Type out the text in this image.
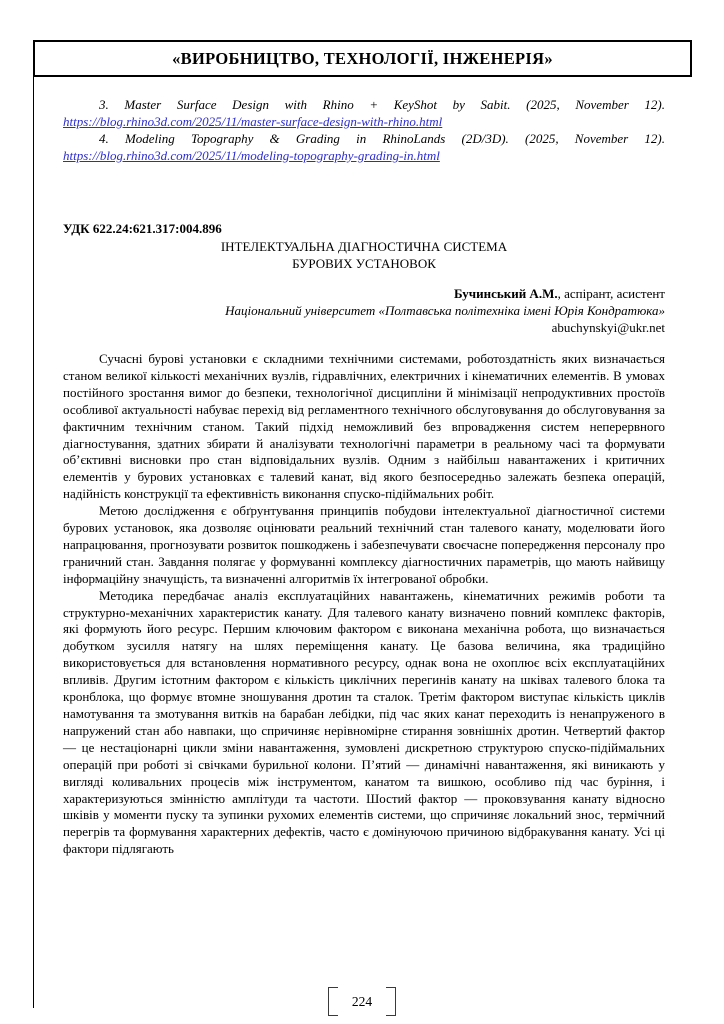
«ВИРОБНИЦТВО, ТЕХНОЛОГІЇ, ІНЖЕНЕРІЯ»
3. Master Surface Design with Rhino + KeyShot by Sabit. (2025, November 12).
https://blog.rhino3d.com/2025/11/master-surface-design-with-rhino.html
4. Modeling Topography & Grading in RhinoLands (2D/3D). (2025, November 12).
https://blog.rhino3d.com/2025/11/modeling-topography-grading-in.html
УДК 622.24:621.317:004.896
ІНТЕЛЕКТУАЛЬНА ДІАГНОСТИЧНА СИСТЕМА
БУРОВИХ УСТАНОВОК
Бучинський А.М., аспірант, асистент
Національний університет «Полтавська політехніка імені Юрія Кондратюка»
abuchynskyi@ukr.net

Сучасні бурові установки є складними технічними системами, роботоздатність яких визначається станом великої кількості механічних вузлів, гідравлічних, електричних і кінематичних елементів. В умовах постійного зростання вимог до безпеки, технологічної дисципліни й мінімізації непродуктивних простоїв особливої актуальності набуває перехід від регламентного технічного обслуговування до обслуговування за фактичним технічним станом. Такий підхід неможливий без впровадження систем неперервного діагностування, здатних збирати й аналізувати технологічні параметри в реальному часі та формувати об’єктивні висновки про стан відповідальних вузлів. Одним з найбільш навантажених і критичних елементів у бурових установках є талевий канат, від якого безпосередньо залежать безпека операцій, надійність конструкції та ефективність виконання спуско-підіймальних робіт.

Метою дослідження є обґрунтування принципів побудови інтелектуальної діагностичної системи бурових установок, яка дозволяє оцінювати реальний технічний стан талевого канату, моделювати його напрацювання, прогнозувати розвиток пошкоджень і забезпечувати своєчасне попередження персоналу про граничний стан. Завдання полягає у формуванні комплексу діагностичних параметрів, що мають найвищу інформаційну значущість, та визначенні алгоритмів їх інтегрованої обробки.

Методика передбачає аналіз експлуатаційних навантажень, кінематичних режимів роботи та структурно-механічних характеристик канату. Для талевого канату визначено повний комплекс факторів, які формують його ресурс. Першим ключовим фактором є виконана механічна робота, що визначається добутком зусилля натягу на шлях переміщення канату. Це базова величина, яка традиційно використовується для встановлення нормативного ресурсу, однак вона не охоплює всіх експлуатаційних впливів. Другим істотним фактором є кількість циклічних перегинів канату на шківах талевого блока та кронблока, що формує втомне зношування дротин та сталок. Третім фактором виступає кількість циклів намотування та змотування витків на барабан лебідки, під час яких канат переходить із ненапруженого в напружений стан або навпаки, що спричиняє нерівномірне стирання зовнішніх дротин. Четвертий фактор — це нестаціонарні цикли зміни навантаження, зумовлені дискретною структурою спуско-підіймальних операцій при роботі зі свічками бурильної колони. П’ятий — динамічні навантаження, які виникають у вигляді коливальних процесів між інструментом, канатом та вишкою, особливо під час буріння, і характеризуються змінністю амплітуди та частоти. Шостий фактор — проковзування канату відносно шківів у моменти пуску та зупинки рухомих елементів системи, що спричиняє локальний знос, термічний перегрів та формування характерних дефектів, часто є домінуючою причиною відбракування канату. Усі ці фактори підлягають

224
